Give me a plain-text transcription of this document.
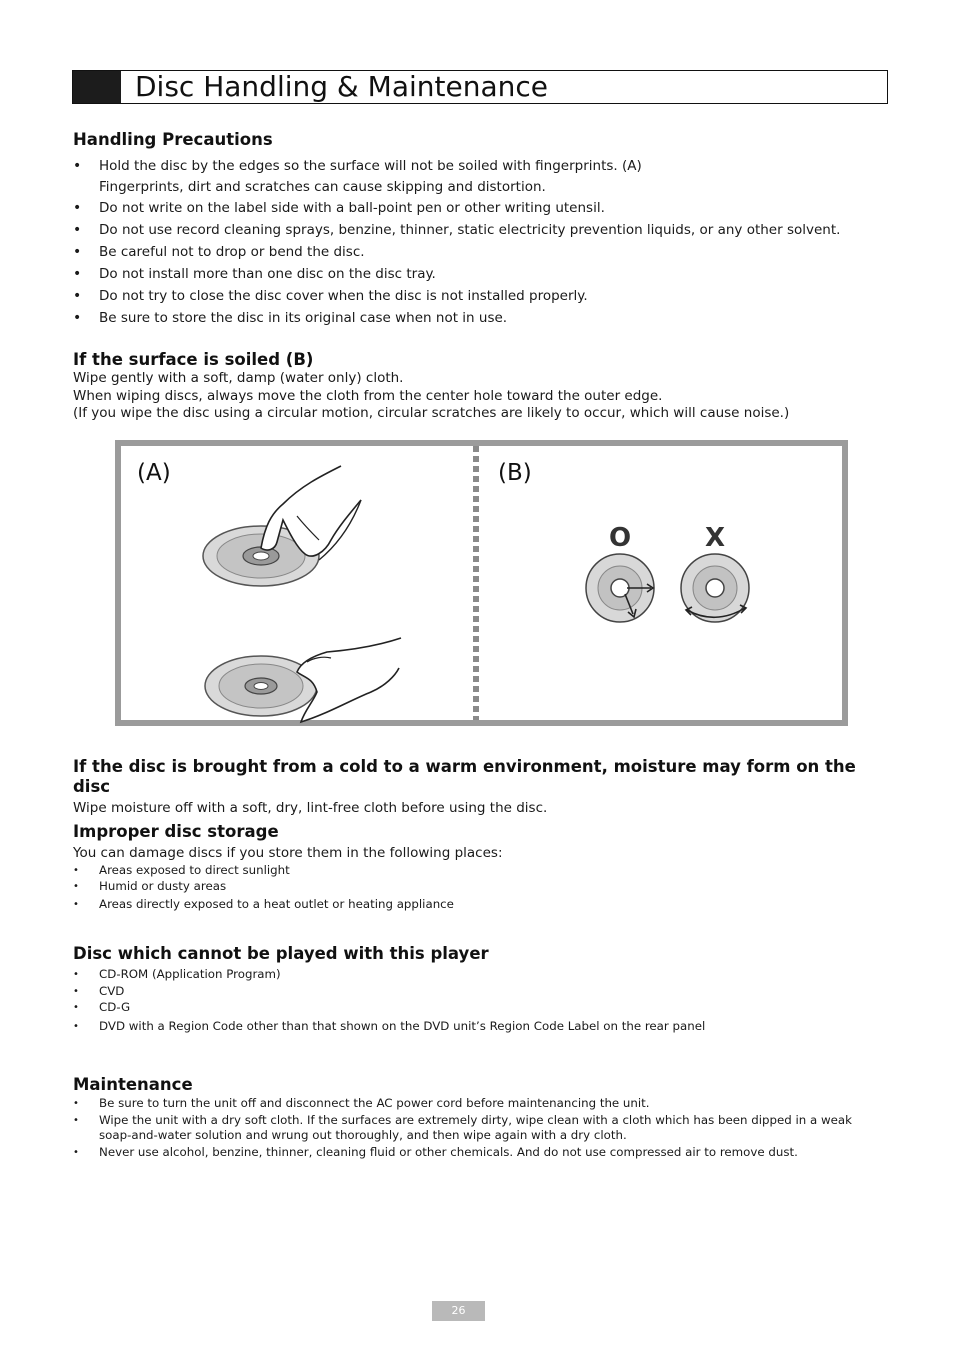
Disc Handling & Maintenance
Handling Precautions
• Hold the disc by the edges so the surface will not be soiled with fingerprints. (A)
Fingerprints, dirt and scratches can cause skipping and distortion.
• Do not write on the label side with a ball-point pen or other writing utensil.
• Do not use record cleaning sprays, benzine, thinner, static electricity prevention liquids, or any other solvent.
• Be careful not to drop or bend the disc.
• Do not install more than one disc on the disc tray.
• Do not try to close the disc cover when the disc is not installed properly.
• Be sure to store the disc in its original case when not in use.
If the surface is soiled (B)

Wipe gently with a soft, damp (water only) cloth.

When wiping discs, always move the cloth from the center hole toward the outer edge.

(If you wipe the disc using a circular motion, circular scratches are likely to occur, which will cause noise.)

(A)	(B)
O	X
If the disc is brought from a cold to a warm environment, moisture may form on the disc

Wipe moisture off with a soft, dry, lint-free cloth before using the disc.

Improper disc storage

You can damage discs if you store them in the following places:

• Areas exposed to direct sunlight
• Humid or dusty areas
• Areas directly exposed to a heat outlet or heating appliance
Disc which cannot be played with this player
• CD-ROM (Application Program)
• CVD
• CD-G
• DVD with a Region Code other than that shown on the DVD unit’s Region Code Label on the rear panel
Maintenance
• Be sure to turn the unit off and disconnect the AC power cord before maintenancing the unit.
• Wipe the unit with a dry soft cloth. If the surfaces are extremely dirty, wipe clean with a cloth which has been dipped in a weak soap-and-water solution and wrung out thoroughly, and then wipe again with a dry cloth.
• Never use alcohol, benzine, thinner, cleaning fluid or other chemicals. And do not use compressed air to remove dust.
26
